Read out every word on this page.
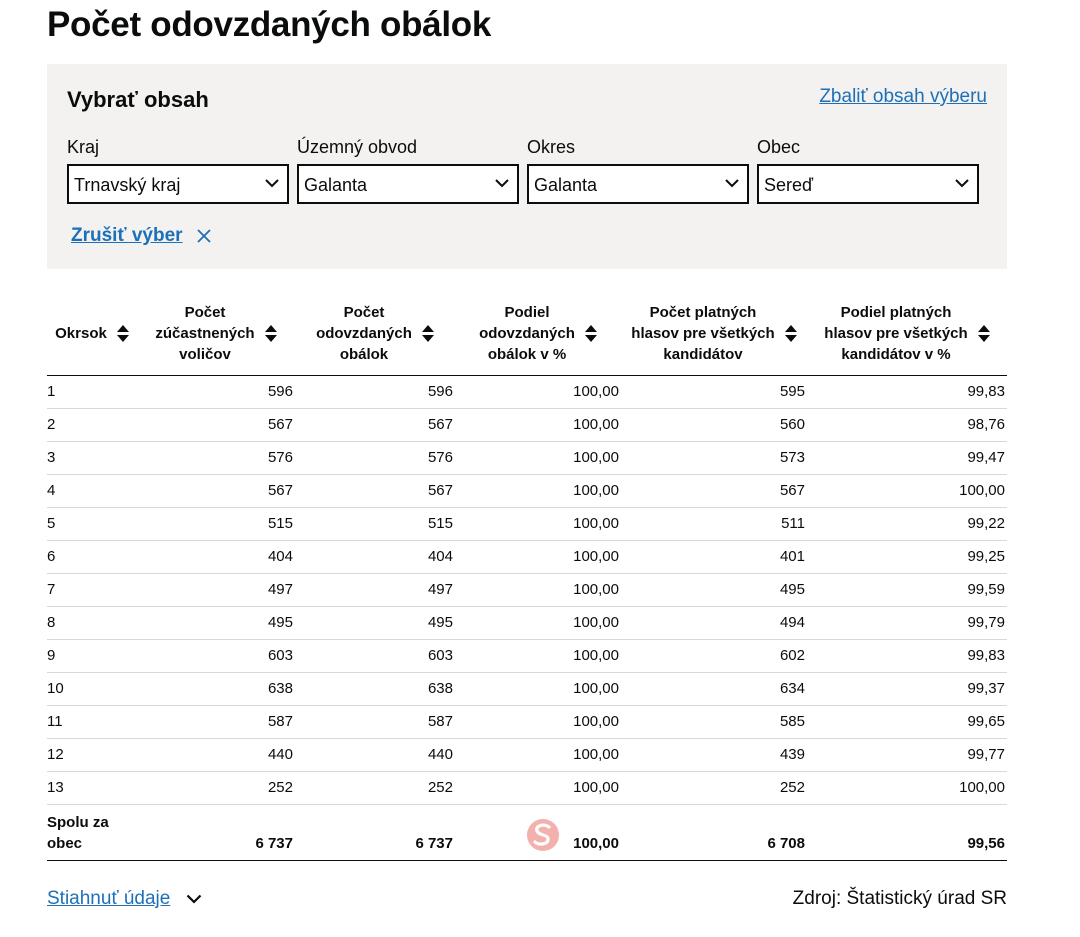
Počet odovzdaných obálok
Vybrať obsah	Zbaliť obsah výberu
Kraj
Trnavský kraj
Územný obvod
Galanta
Okres
Galanta
Obec
Sereď
Zrušiť výber
Okrsok	Počet
zúčastnených
voličov	Počet
odovzdaných
obálok	Podiel
odovzdaných
obálok v %	Počet platných
hlasov pre všetkých
kandidátov	Podiel platných
hlasov pre všetkých
kandidátov v %

1	596	596	100,00	595	99,83
2	567	567	100,00	560	98,76
3	576	576	100,00	573	99,47
4	567	567	100,00	567	100,00
5	515	515	100,00	511	99,22
6	404	404	100,00	401	99,25
7	497	497	100,00	495	99,59
8	495	495	100,00	494	99,79
9	603	603	100,00	602	99,83
10	638	638	100,00	634	99,37
11	587	587	100,00	585	99,65
12	440	440	100,00	439	99,77
13	252	252	100,00	252	100,00

Spolu za
obec	6 737	6 737	100,00	6 708	99,56
Stiahnuť údaje	Zdroj: Štatistický úrad SR
